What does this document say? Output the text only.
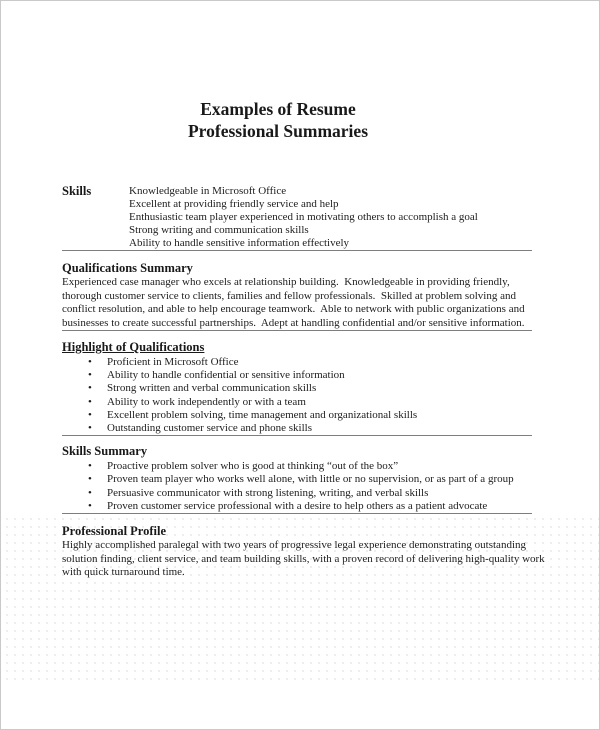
Examples of Resume
Professional Summaries
Skills	Knowledgeable in Microsoft Office
Excellent at providing friendly service and help
Enthusiastic team player experienced in motivating others to accomplish a goal
Strong writing and communication skills
Ability to handle sensitive information effectively
Qualifications Summary
Experienced case manager who excels at relationship building.  Knowledgeable in providing friendly, thorough customer service to clients, families and fellow professionals.  Skilled at problem solving and conflict resolution, and able to help encourage teamwork.  Able to network with public organizations and businesses to create successful partnerships.  Adept at handling confidential and/or sensitive information.
Highlight of Qualifications
• Proficient in Microsoft Office
• Ability to handle confidential or sensitive information
• Strong written and verbal communication skills
• Ability to work independently or with a team
• Excellent problem solving, time management and organizational skills
• Outstanding customer service and phone skills
Skills Summary
• Proactive problem solver who is good at thinking “out of the box”
• Proven team player who works well alone, with little or no supervision, or as part of a group
• Persuasive communicator with strong listening, writing, and verbal skills
• Proven customer service professional with a desire to help others as a patient advocate
Professional Profile
Highly accomplished paralegal with two years of progressive legal experience demonstrating outstanding solution finding, client service, and team building skills, with a proven record of delivering high-quality work with quick turnaround time.
